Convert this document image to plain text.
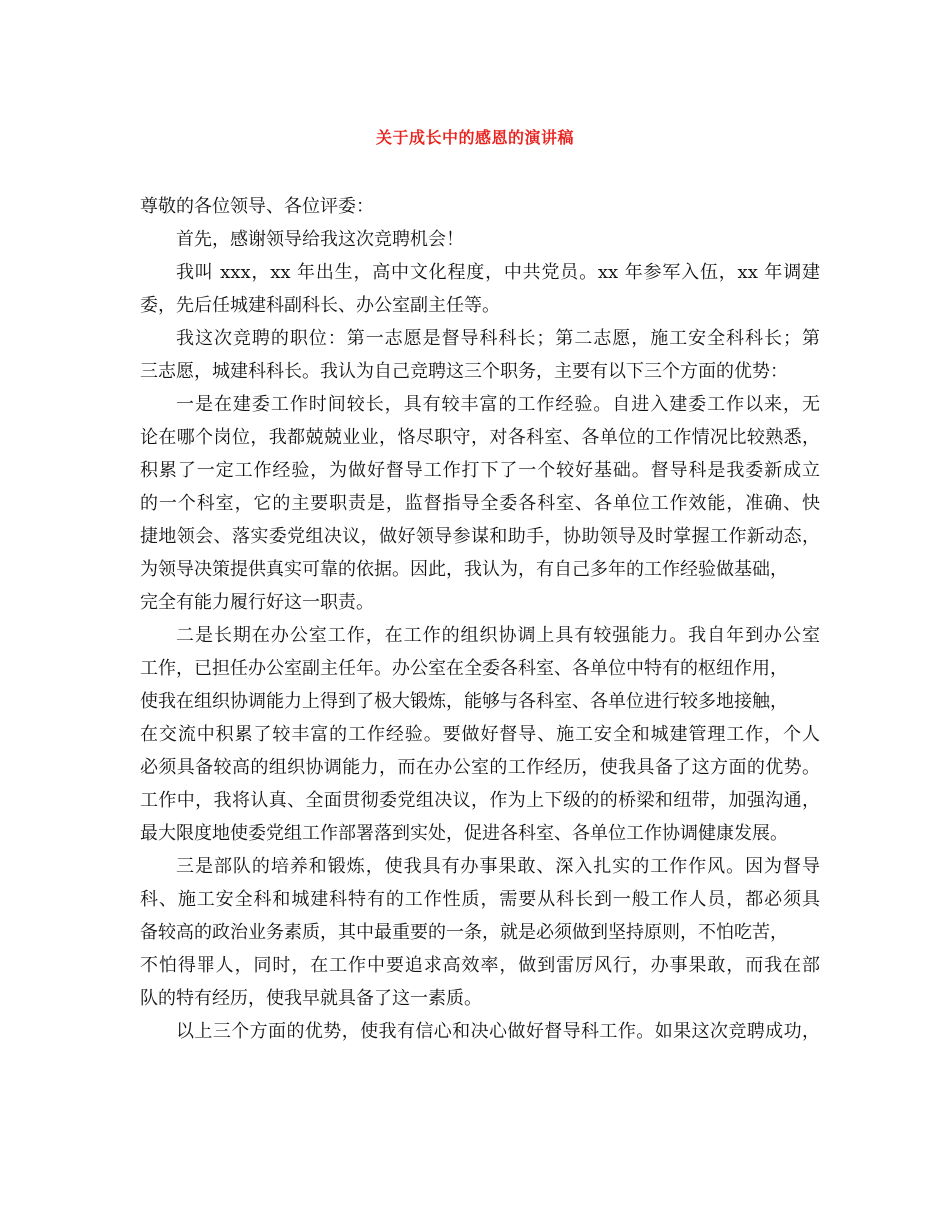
关于成长中的感恩的演讲稿
尊敬的各位领导、各位评委：
首先，感谢领导给我这次竞聘机会！
我叫 xxx，xx 年出生，高中文化程度，中共党员。xx 年参军入伍，xx 年调建
委，先后任城建科副科长、办公室副主任等。
我这次竞聘的职位：第一志愿是督导科科长；第二志愿，施工安全科科长；第
三志愿，城建科科长。我认为自己竞聘这三个职务，主要有以下三个方面的优势：
一是在建委工作时间较长，具有较丰富的工作经验。自进入建委工作以来，无
论在哪个岗位，我都兢兢业业，恪尽职守，对各科室、各单位的工作情况比较熟悉，
积累了一定工作经验，为做好督导工作打下了一个较好基础。督导科是我委新成立
的一个科室，它的主要职责是，监督指导全委各科室、各单位工作效能，准确、快
捷地领会、落实委党组决议，做好领导参谋和助手，协助领导及时掌握工作新动态，
为领导决策提供真实可靠的依据。因此，我认为，有自己多年的工作经验做基础，
完全有能力履行好这一职责。
二是长期在办公室工作，在工作的组织协调上具有较强能力。我自年到办公室
工作，已担任办公室副主任年。办公室在全委各科室、各单位中特有的枢纽作用，
使我在组织协调能力上得到了极大锻炼，能够与各科室、各单位进行较多地接触，
在交流中积累了较丰富的工作经验。要做好督导、施工安全和城建管理工作，个人
必须具备较高的组织协调能力，而在办公室的工作经历，使我具备了这方面的优势。
工作中，我将认真、全面贯彻委党组决议，作为上下级的的桥梁和纽带，加强沟通，
最大限度地使委党组工作部署落到实处，促进各科室、各单位工作协调健康发展。
三是部队的培养和锻炼，使我具有办事果敢、深入扎实的工作作风。因为督导
科、施工安全科和城建科特有的工作性质，需要从科长到一般工作人员，都必须具
备较高的政治业务素质，其中最重要的一条，就是必须做到坚持原则，不怕吃苦，
不怕得罪人，同时，在工作中要追求高效率，做到雷厉风行，办事果敢，而我在部
队的特有经历，使我早就具备了这一素质。
以上三个方面的优势，使我有信心和决心做好督导科工作。如果这次竞聘成功，
